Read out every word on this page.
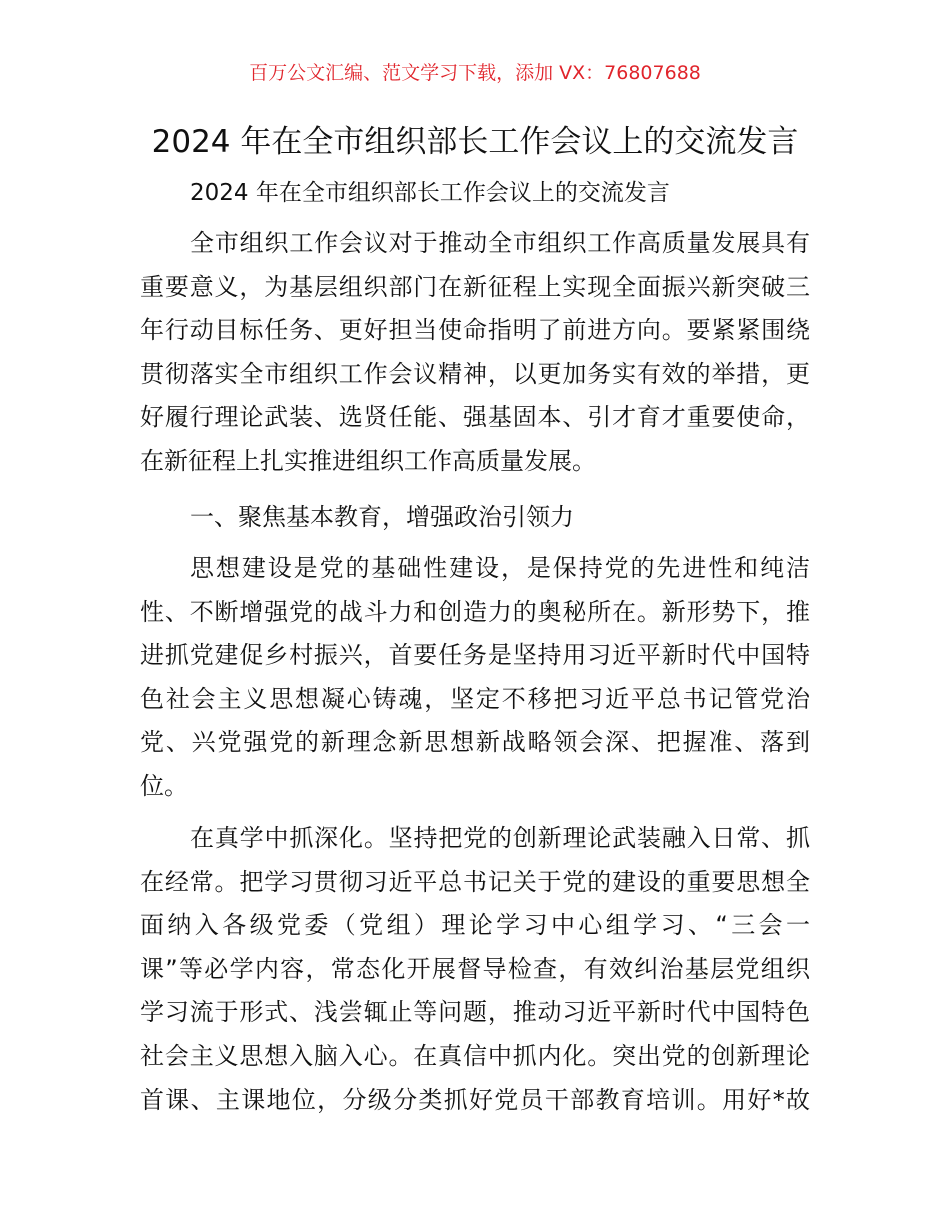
百万公文汇编、范文学习下载，添加 VX：76807688
2024 年在全市组织部长工作会议上的交流发言
2024 年在全市组织部长工作会议上的交流发言
全市组织工作会议对于推动全市组织工作高质量发展具有
重要意义，为基层组织部门在新征程上实现全面振兴新突破三
年行动目标任务、更好担当使命指明了前进方向。要紧紧围绕
贯彻落实全市组织工作会议精神，以更加务实有效的举措，更
好履行理论武装、选贤任能、强基固本、引才育才重要使命，
在新征程上扎实推进组织工作高质量发展。
一、聚焦基本教育，增强政治引领力
思想建设是党的基础性建设，是保持党的先进性和纯洁
性、不断增强党的战斗力和创造力的奥秘所在。新形势下，推
进抓党建促乡村振兴，首要任务是坚持用习近平新时代中国特
色社会主义思想凝心铸魂，坚定不移把习近平总书记管党治
党、兴党强党的新理念新思想新战略领会深、把握准、落到
位。
在真学中抓深化。坚持把党的创新理论武装融入日常、抓
在经常。把学习贯彻习近平总书记关于党的建设的重要思想全
面纳入各级党委（党组）理论学习中心组学习、“三会一
课”等必学内容，常态化开展督导检查，有效纠治基层党组织
学习流于形式、浅尝辄止等问题，推动习近平新时代中国特色
社会主义思想入脑入心。在真信中抓内化。突出党的创新理论
首课、主课地位，分级分类抓好党员干部教育培训。用好*故
